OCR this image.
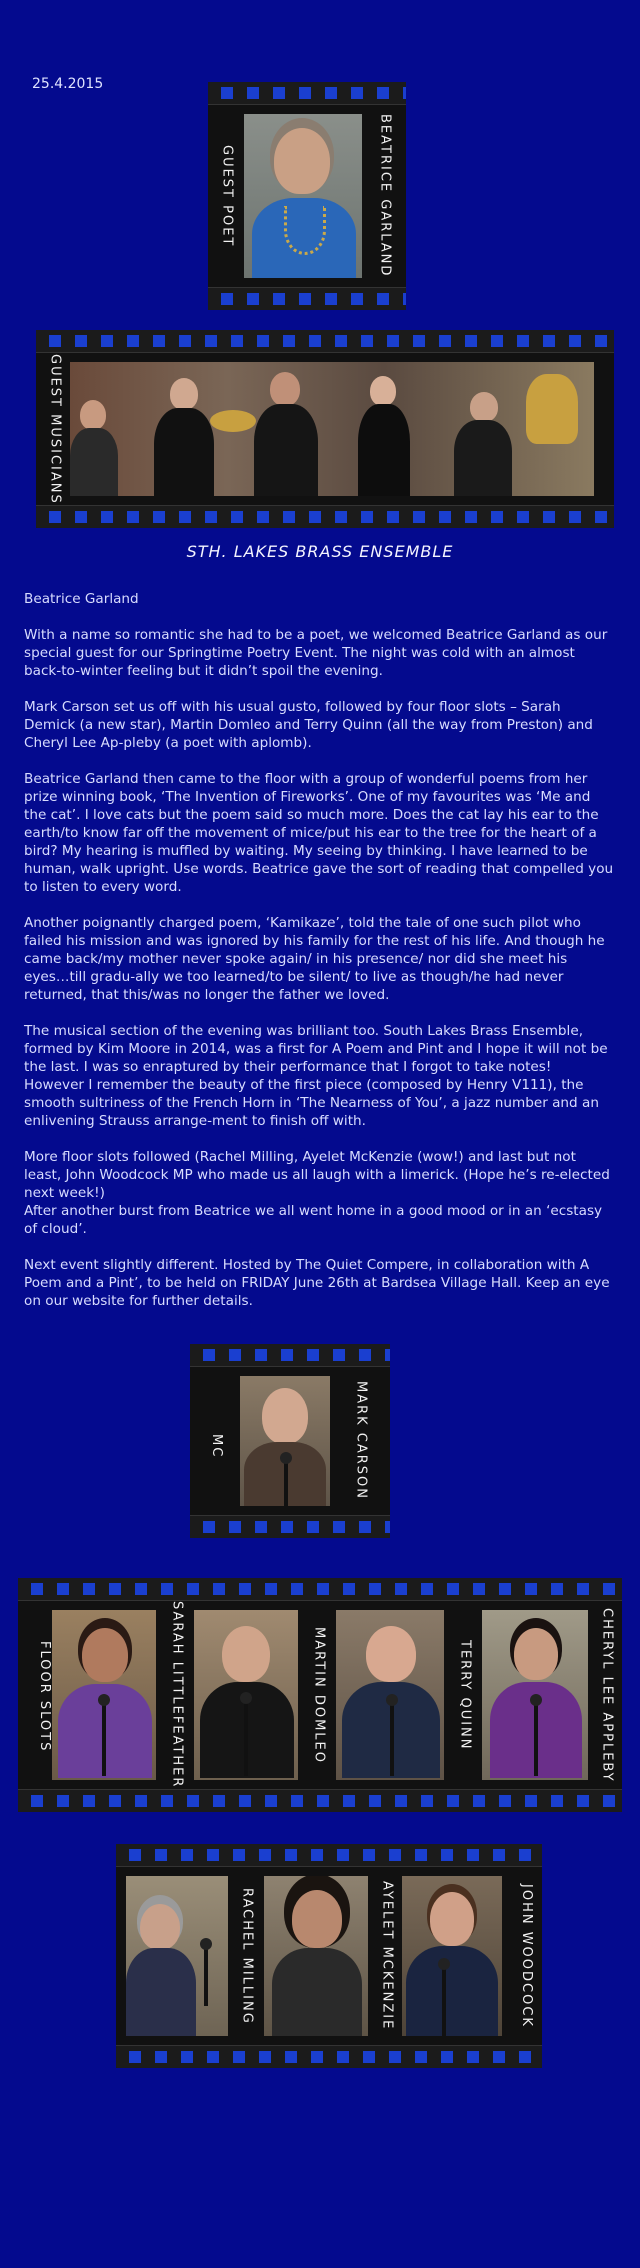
25.4.2015
GUEST POET	BEATRICE GARLAND
GUEST MUSICIANS
STH. LAKES BRASS ENSEMBLE

Beatrice Garland

With a name so romantic she had to be a poet, we welcomed Beatrice Garland as our special guest for our Springtime Poetry Event. The night was cold with an almost back-to-winter feeling but it didn’t spoil the evening.

Mark Carson set us off with his usual gusto, followed by four floor slots – Sarah Demick (a new star), Martin Domleo and Terry Quinn (all the way from Preston) and Cheryl Lee Ap-pleby (a poet with aplomb).

Beatrice Garland then came to the floor with a group of wonderful poems from her prize winning book, ‘The Invention of Fireworks’. One of my favourites was ‘Me and the cat’. I love cats but the poem said so much more. Does the cat lay his ear to the earth/to know far off the movement of mice/put his ear to the tree for the heart of a bird? My hearing is muffled by waiting. My seeing by thinking. I have learned to be human, walk upright. Use words. Beatrice gave the sort of reading that compelled you to listen to every word.

Another poignantly charged poem, ‘Kamikaze’, told the tale of one such pilot who failed his mission and was ignored by his family for the rest of his life. And though he came back/my mother never spoke again/ in his presence/ nor did she meet his eyes…till gradu-ally we too learned/to be silent/ to live as though/he had never returned, that this/was no longer the father we loved.

The musical section of the evening was brilliant too. South Lakes Brass Ensemble, formed by Kim Moore in 2014, was a first for A Poem and Pint and I hope it will not be the last. I was so enraptured by their performance that I forgot to take notes! However I remember the beauty of the first piece (composed by Henry V111), the smooth sultriness of the French Horn in ‘The Nearness of You’, a jazz number and an enlivening Strauss arrange-ment to finish off with.

More floor slots followed (Rachel Milling, Ayelet McKenzie (wow!) and last but not least, John Woodcock MP who made us all laugh with a limerick. (Hope he’s re-elected next week!)

After another burst from Beatrice we all went home in a good mood or in an ‘ecstasy of cloud’.

Next event slightly different. Hosted by The Quiet Compere, in collaboration with A Poem and a Pint’, to be held on FRIDAY June 26th at Bardsea Village Hall. Keep an eye on our website for further details.

MC	MARK CARSON
FLOOR SLOTS	SARAH LITTLEFEATHER	MARTIN DOMLEO	TERRY QUINN	CHERYL LEE APPLEBY
RACHEL MILLING	AYELET MCKENZIE	JOHN WOODCOCK
